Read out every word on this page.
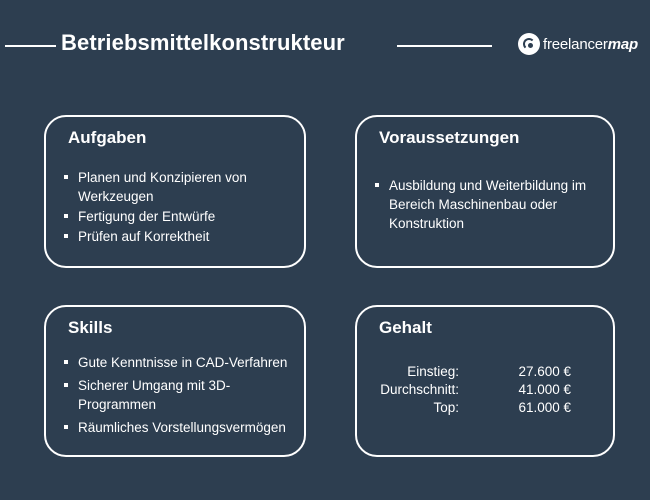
Betriebsmittelkonstrukteur	freelancermap
Aufgaben
Planen und Konzipieren von Werkzeugen
Fertigung der Entwürfe
Prüfen auf Korrektheit
Voraussetzungen
Ausbildung und Weiterbildung im Bereich Maschinenbau oder Konstruktion
Skills
Gute Kenntnisse in CAD-Verfahren
Sicherer Umgang mit 3D-Programmen
Räumliches Vorstellungsvermögen
Gehalt
Einstieg:	27.600 €
Durchschnitt:	41.000 €
Top:	61.000 €
